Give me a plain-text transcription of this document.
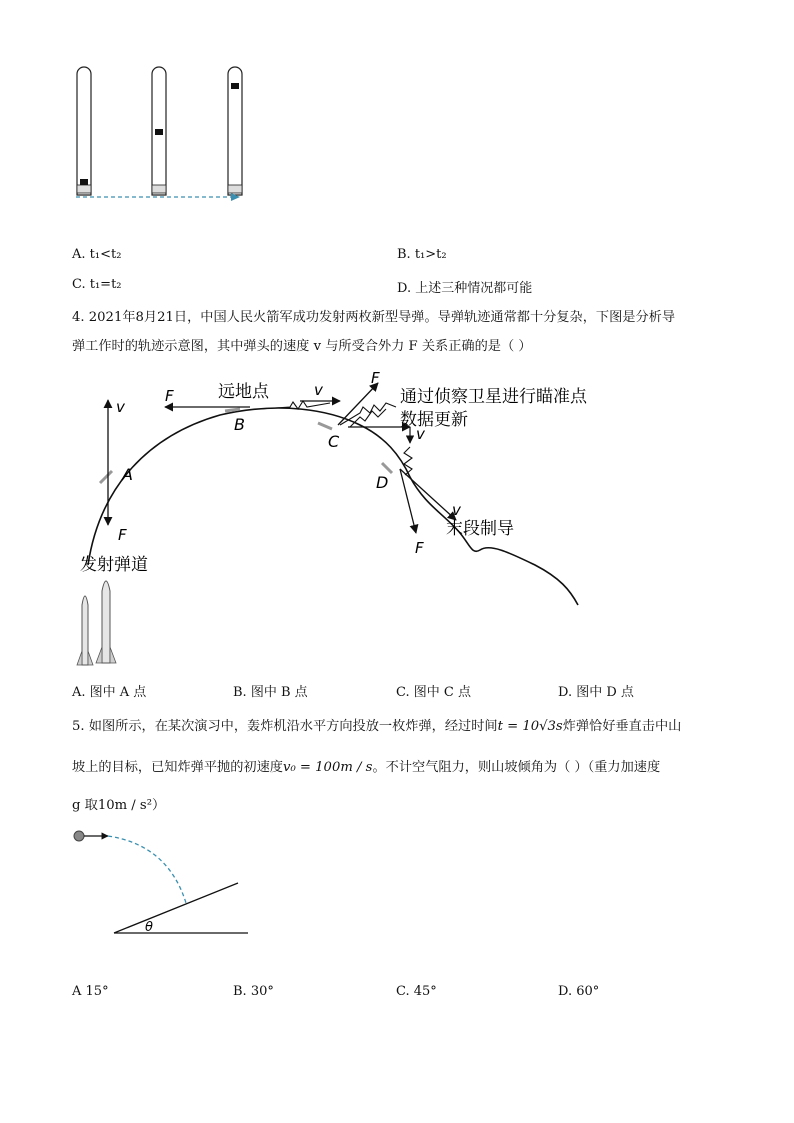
A. t₁<t₂	B. t₁>t₂
C. t₁=t₂	D. 上述三种情况都可能
4. 2021年8月21日，中国人民火箭军成功发射两枚新型导弹。导弹轨迹通常都十分复杂，下图是分析导
弹工作时的轨迹示意图，其中弹头的速度 v 与所受合外力 F 关系正确的是（ ）
v
F
A
F	远地点
B
v
F
C
通过侦察卫星进行瞄准点
数据更新
v
F
v
D
末段制导
发射弹道
A. 图中 A 点	B. 图中 B 点	C. 图中 C 点	D. 图中 D 点
5. 如图所示，在某次演习中，轰炸机沿水平方向投放一枚炸弹，经过时间t = 10√3s炸弹恰好垂直击中山
坡上的目标，已知炸弹平抛的初速度v₀ = 100m / s。不计空气阻力，则山坡倾角为（ ）（重力加速度
g 取10m / s²）
θ
A 15°	B. 30°	C. 45°	D. 60°
